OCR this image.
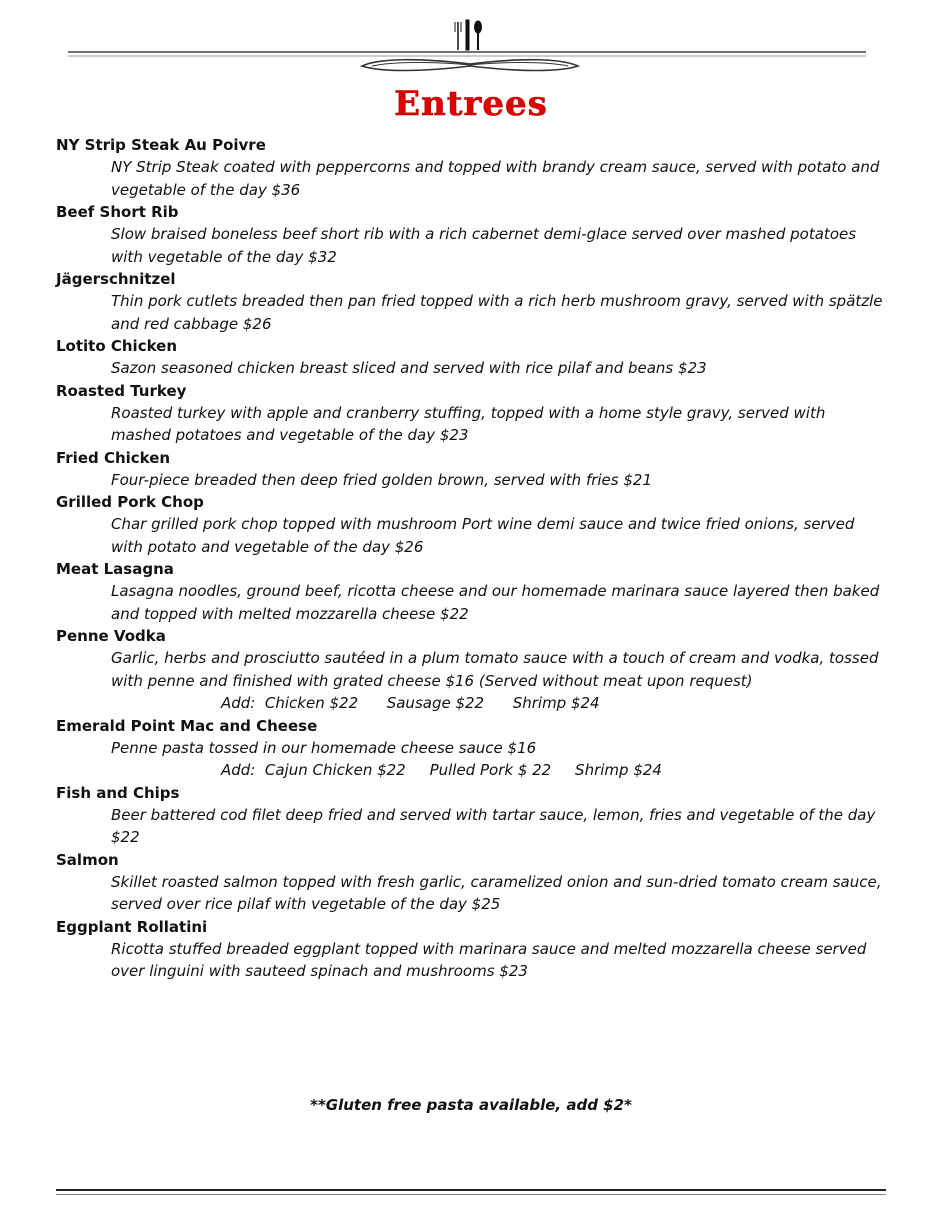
Entrees

NY Strip Steak Au Poivre

NY Strip Steak coated with peppercorns and topped with brandy cream sauce, served with potato and vegetable of the day $36

Beef Short Rib

Slow braised boneless beef short rib with a rich cabernet demi-glace served over mashed potatoes with vegetable of the day $32

Jägerschnitzel

Thin pork cutlets breaded then pan fried topped with a rich herb mushroom gravy, served with spätzle and red cabbage $26

Lotito Chicken

Sazon seasoned chicken breast sliced and served with rice pilaf and beans $23

Roasted Turkey

Roasted turkey with apple and cranberry stuffing, topped with a home style gravy, served with mashed potatoes and vegetable of the day $23

Fried Chicken

Four-piece breaded then deep fried golden brown, served with fries $21

Grilled Pork Chop

Char grilled pork chop topped with mushroom Port wine demi sauce and twice fried onions, served with potato and vegetable of the day $26

Meat Lasagna

Lasagna noodles, ground beef, ricotta cheese and our homemade marinara sauce layered then baked and topped with melted mozzarella cheese $22

Penne Vodka

Garlic, herbs and prosciutto sautéed in a plum tomato sauce with a touch of cream and vodka, tossed with penne and finished with grated cheese $16 (Served without meat upon request)

Add:  Chicken $22      Sausage $22      Shrimp $24

Emerald Point Mac and Cheese

Penne pasta tossed in our homemade cheese sauce $16

Add:  Cajun Chicken $22     Pulled Pork $ 22     Shrimp $24

Fish and Chips

Beer battered cod filet deep fried and served with tartar sauce, lemon, fries and vegetable of the day $22

Salmon

Skillet roasted salmon topped with fresh garlic, caramelized onion and sun-dried tomato cream sauce, served over rice pilaf with vegetable of the day $25

Eggplant Rollatini

Ricotta stuffed breaded eggplant topped with marinara sauce and melted mozzarella cheese served over linguini with sauteed spinach and mushrooms $23

**Gluten free pasta available, add $2*
